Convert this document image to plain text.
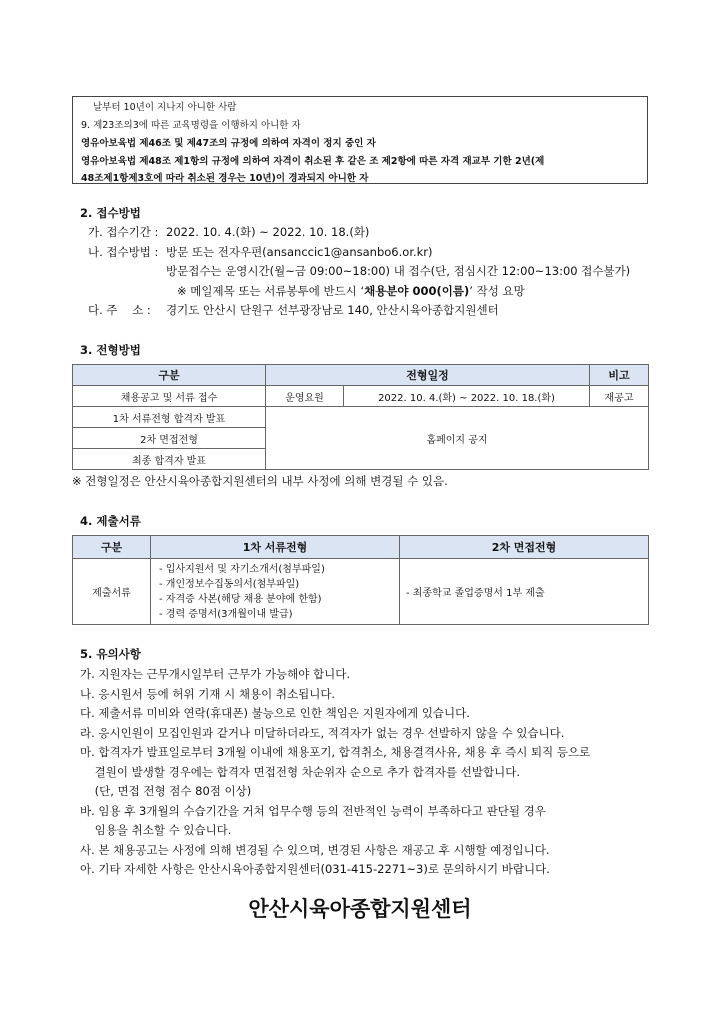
날부터 10년이 지나지 아니한 사람
9. 제23조의3에 따른 교육명령을 이행하지 아니한 자
영유아보육법 제46조 및 제47조의 규정에 의하여 자격이 정지 중인 자
영유아보육법 제48조 제1항의 규정에 의하여 자격이 취소된 후 같은 조 제2항에 따른 자격 재교부 기한 2년(제
48조제1항제3호에 따라 취소된 경우는 10년)이 경과되지 아니한 자
2. 접수방법
가. 접수기간 : 2022. 10. 4.(화) ~ 2022. 10. 18.(화)
나. 접수방법 : 방문 또는 전자우편(ansanccic1@ansanbo6.or.kr)
방문접수는 운영시간(월~금 09:00~18:00) 내 접수(단, 점심시간 12:00~13:00 접수불가)
※ 메일제목 또는 서류봉투에 반드시 ‘채용분야 000(이름)’ 작성 요망
다. 주    소 : 경기도 안산시 단원구 선부광장남로 140, 안산시육아종합지원센터
3. 전형방법
구분	전형일정		비고
채용공고 및 서류 접수	운영요원	2022. 10. 4.(화) ~ 2022. 10. 18.(화)	재공고
1차 서류전형 합격자 발표	홈페이지 공지		
2차 면접전형			
최종 합격자 발표			
※ 전형일정은 안산시육아종합지원센터의 내부 사정에 의해 변경될 수 있음.
4. 제출서류
구분	1차 서류전형	2차 면접전형
제출서류	- 입사지원서 및 자기소개서(첨부파일)
- 개인정보수집동의서(첨부파일)
- 자격증 사본(해당 채용 분야에 한함)
- 경력 증명서(3개월이내 발급)	- 최종학교 졸업증명서 1부 제출
5. 유의사항
가. 지원자는 근무개시일부터 근무가 가능해야 합니다.
나. 응시원서 등에 허위 기재 시 채용이 취소됩니다.
다. 제출서류 미비와 연락(휴대폰) 불능으로 인한 책임은 지원자에게 있습니다.
라. 응시인원이 모집인원과 같거나 미달하더라도, 적격자가 없는 경우 선발하지 않을 수 있습니다.
마. 합격자가 발표일로부터 3개월 이내에 채용포기, 합격취소, 채용결격사유, 채용 후 즉시 퇴직 등으로
결원이 발생할 경우에는 합격자 면접전형 차순위자 순으로 추가 합격자를 선발합니다.
(단, 면접 전형 점수 80점 이상)
바. 임용 후 3개월의 수습기간을 거쳐 업무수행 등의 전반적인 능력이 부족하다고 판단될 경우
임용을 취소할 수 있습니다.
사. 본 채용공고는 사정에 의해 변경될 수 있으며, 변경된 사항은 재공고 후 시행할 예정입니다.
아. 기타 자세한 사항은 안산시육아종합지원센터(031-415-2271~3)로 문의하시기 바랍니다.
안산시육아종합지원센터
